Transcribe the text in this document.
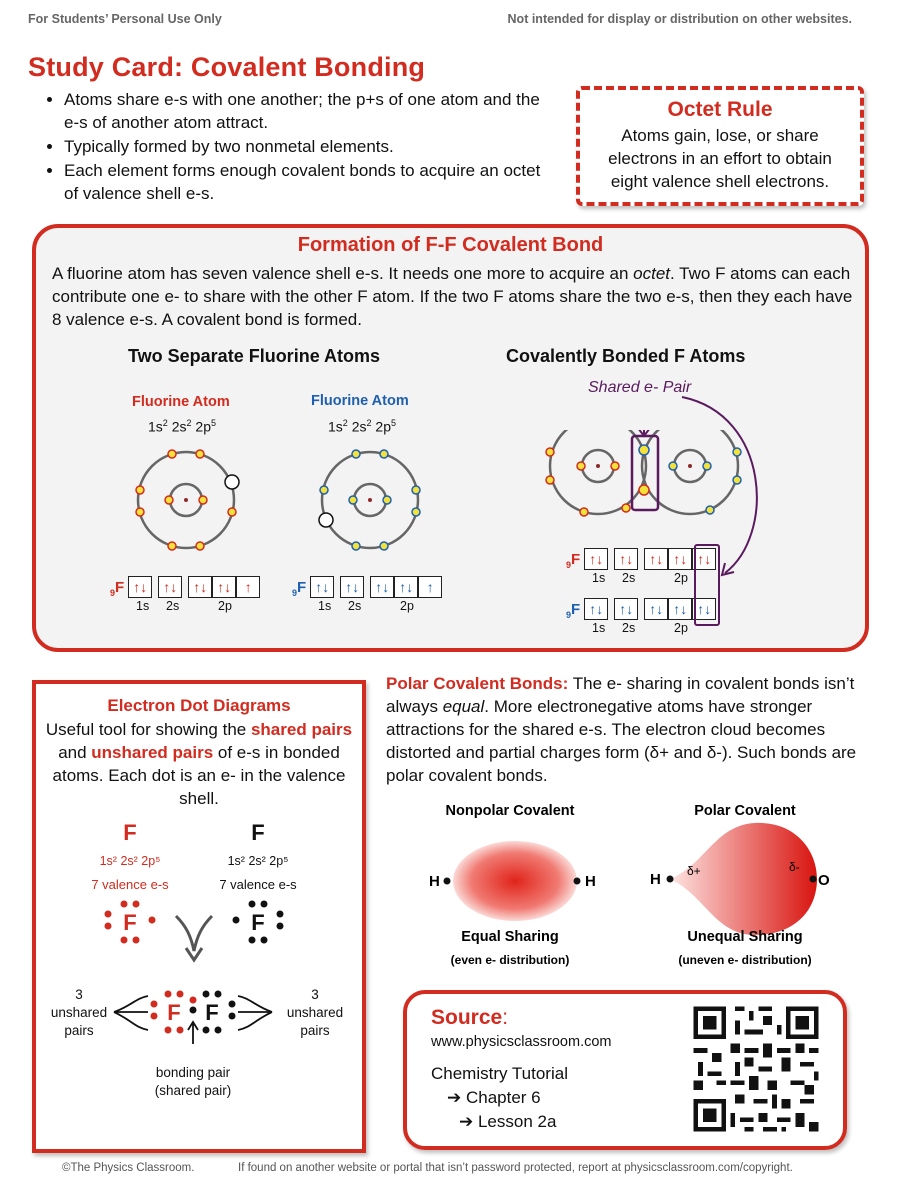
For Students’ Personal Use Only	Not intended for display or distribution on other websites.
Study Card: Covalent Bonding
• Atoms share e-s with one another; the p+s of one atom and the e-s of another atom attract.
• Typically formed by two nonmetal elements.
• Each element forms enough covalent bonds to acquire an octet of valence shell e-s.
Octet Rule
Atoms gain, lose, or share electrons in an effort to obtain eight valence shell electrons.
Formation of F-F Covalent Bond
A fluorine atom has seven valence shell e-s. It needs one more to acquire an octet. Two F atoms can each contribute one e- to share with the other F atom. If the two F atoms share the two e-s, then they each have 8 valence e-s. A covalent bond is formed.
Two Separate Fluorine Atoms	Covalently Bonded F Atoms
Fluorine Atom	Fluorine Atom
$1s^2$ $2s^2$ $2p^5$	$1s^2$ $2s^2$ $2p^5$
Shared e- Pair
$_9$F ↑↓	↑↓	↑↓ ↑↓ ↑
1s 2s	2p
$_9$F ↑↓	↑↓	↑↓ ↑↓ ↑
1s 2s	2p
$_9$F ↑↓	↑↓	↑↓ ↑↓ ↑↓
1s 2s	2p
$_9$F ↑↓	↑↓	↑↓ ↑↓ ↑↓
1s 2s	2p
Electron Dot Diagrams
Useful tool for showing the shared pairs and unshared pairs of e-s in bonded atoms. Each dot is an e- in the valence shell.
F	F
1s² 2s² 2p⁵	1s² 2s² 2p⁵
7 valence e-s	7 valence e-s
F	F
F F
3
unshared
pairs
3
unshared
pairs
bonding pair
(shared pair)
Polar Covalent Bonds: The e- sharing in covalent bonds isn’t always equal. More electronegative atoms have stronger attractions for the shared e-s. The electron cloud becomes distorted and partial charges form (δ+ and δ-). Such bonds are polar covalent bonds.
Nonpolar Covalent	Polar Covalent
H	H	H	O
δ+	δ-
Equal Sharing
(even e- distribution)
Unequal Sharing
(uneven e- distribution)
Source:
www.physicsclassroom.com
Chemistry Tutorial
➔ Chapter 6
➔ Lesson 2a
©The Physics Classroom.	If found on another website or portal that isn’t password protected, report at physicsclassroom.com/copyright.
